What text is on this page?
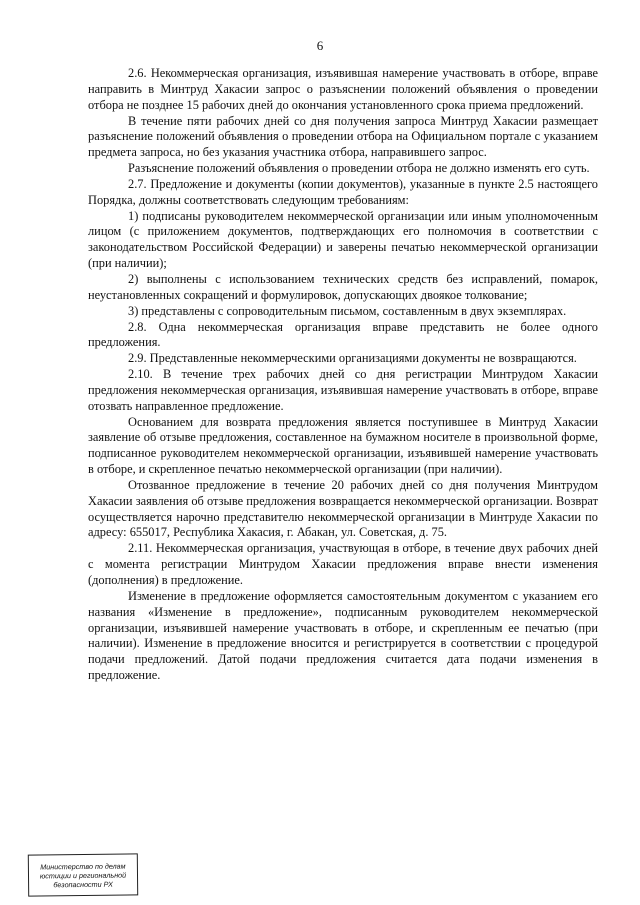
6

2.6. Некоммерческая организация, изъявившая намерение участвовать в отборе, вправе направить в Минтруд Хакасии запрос о разъяснении положений объявления о проведении отбора не позднее 15 рабочих дней до окончания установленного срока приема предложений.

В течение пяти рабочих дней со дня получения запроса Минтруд Хакасии размещает разъяснение положений объявления о проведении отбора на Официальном портале с указанием предмета запроса, но без указания участника отбора, направившего запрос.

Разъяснение положений объявления о проведении отбора не должно изменять его суть.

2.7. Предложение и документы (копии документов), указанные в пункте 2.5 настоящего Порядка, должны соответствовать следующим требованиям:

1) подписаны руководителем некоммерческой организации или иным уполномоченным лицом (с приложением документов, подтверждающих его полномочия в соответствии с законодательством Российской Федерации) и заверены печатью некоммерческой организации (при наличии);

2) выполнены с использованием технических средств без исправлений, помарок, неустановленных сокращений и формулировок, допускающих двоякое толкование;

3) представлены с сопроводительным письмом, составленным в двух экземплярах.

2.8. Одна некоммерческая организация вправе представить не более одного предложения.

2.9. Представленные некоммерческими организациями документы не возвращаются.

2.10. В течение трех рабочих дней со дня регистрации Минтрудом Хакасии предложения некоммерческая организация, изъявившая намерение участвовать в отборе, вправе отозвать направленное предложение.

Основанием для возврата предложения является поступившее в Минтруд Хакасии заявление об отзыве предложения, составленное на бумажном носителе в произвольной форме, подписанное руководителем некоммерческой организации, изъявившей намерение участвовать в отборе, и скрепленное печатью некоммерческой организации (при наличии).

Отозванное предложение в течение 20 рабочих дней со дня получения Минтрудом Хакасии заявления об отзыве предложения возвращается некоммерческой организации. Возврат осуществляется нарочно представителю некоммерческой организации в Минтруде Хакасии по адресу: 655017, Республика Хакасия, г. Абакан, ул. Советская, д. 75.

2.11. Некоммерческая организация, участвующая в отборе, в течение двух рабочих дней с момента регистрации Минтрудом Хакасии предложения вправе внести изменения (дополнения) в предложение.

Изменение в предложение оформляется самостоятельным документом с указанием его названия «Изменение в предложение», подписанным руководителем некоммерческой организации, изъявившей намерение участвовать в отборе, и скрепленным ее печатью (при наличии). Изменение в предложение вносится и регистрируется в соответствии с процедурой подачи предложений. Датой подачи предложения считается дата подачи изменения в предложение.

Министерство по делам
юстиции и региональной
безопасности РХ
